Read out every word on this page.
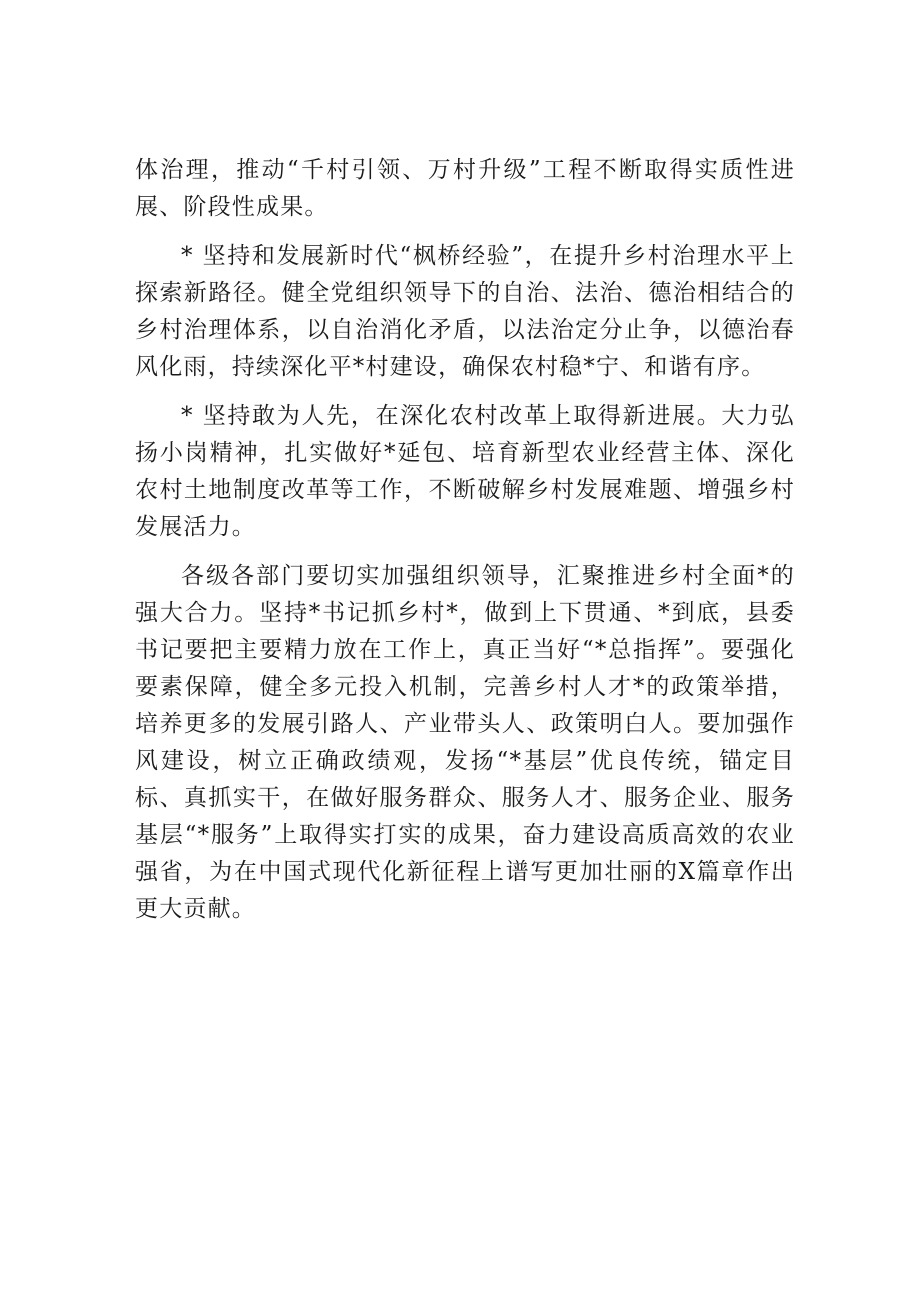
体治理，推动“千村引领、万村升级”工程不断取得实质性进展、阶段性成果。

* 坚持和发展新时代“枫桥经验”，在提升乡村治理水平上探索新路径。健全党组织领导下的自治、法治、德治相结合的乡村治理体系，以自治消化矛盾，以法治定分止争，以德治春风化雨，持续深化平*村建设，确保农村稳*宁、和谐有序。

* 坚持敢为人先，在深化农村改革上取得新进展。大力弘扬小岗精神，扎实做好*延包、培育新型农业经营主体、深化农村土地制度改革等工作，不断破解乡村发展难题、增强乡村发展活力。

各级各部门要切实加强组织领导，汇聚推进乡村全面*的强大合力。坚持*书记抓乡村*，做到上下贯通、*到底，县委书记要把主要精力放在工作上，真正当好“*总指挥”。要强化要素保障，健全多元投入机制，完善乡村人才*的政策举措，培养更多的发展引路人、产业带头人、政策明白人。要加强作风建设，树立正确政绩观，发扬“*基层”优良传统，锚定目标、真抓实干，在做好服务群众、服务人才、服务企业、服务基层“*服务”上取得实打实的成果，奋力建设高质高效的农业强省，为在中国式现代化新征程上谱写更加壮丽的X篇章作出更大贡献。
